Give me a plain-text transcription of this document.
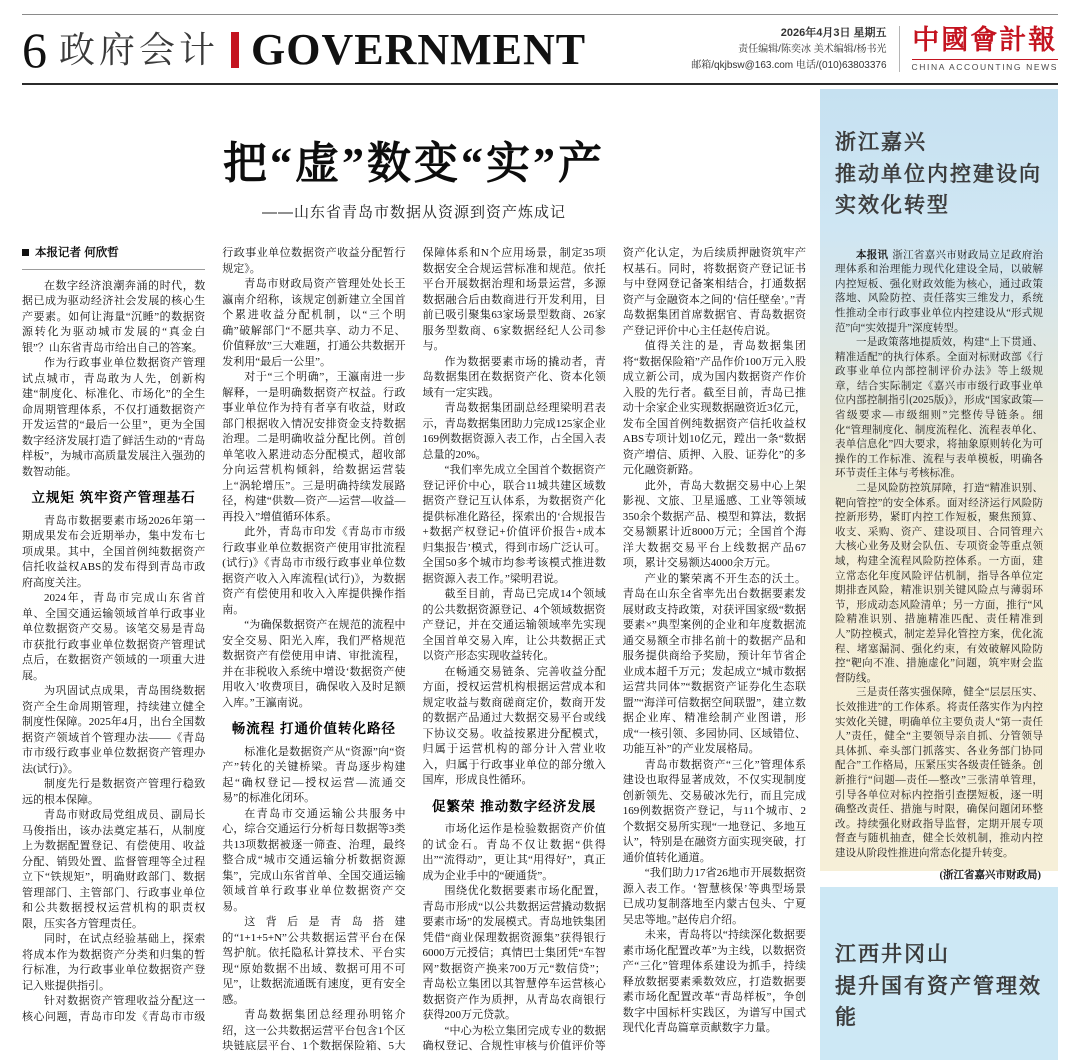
6 政府会计 GOVERNMENT	2026年4月3日 星期五
责任编辑/陈奕冰 美术编辑/杨书光
邮箱/qkjbsw@163.com 电话/(010)63803376
中國會計報
CHINA ACCOUNTING NEWS
把“虚”数变“实”产
——山东省青岛市数据从资源到资产炼成记
本报记者 何欣哲

在数字经济浪潮奔涌的时代，数据已成为驱动经济社会发展的核心生产要素。如何让海量“沉睡”的数据资源转化为驱动城市发展的“真金白银”？山东省青岛市给出自己的答案。

作为行政事业单位数据资产管理试点城市，青岛敢为人先，创新构建“制度化、标准化、市场化”的全生命周期管理体系，不仅打通数据资产开发运营的“最后一公里”，更为全国数字经济发展打造了鲜活生动的“青岛样板”，为城市高质量发展注入强劲的数智动能。

立规矩 筑牢资产管理基石

青岛市数据要素市场2026年第一期成果发布会近期举办，集中发布七项成果。其中，全国首例纯数据资产信托收益权ABS的发布得到青岛市政府高度关注。

2024年，青岛市完成山东省首单、全国交通运输领域首单行政事业单位数据资产交易。该笔交易是青岛市获批行政事业单位数据资产管理试点后，在数据资产领域的一项重大进展。

为巩固试点成果，青岛围绕数据资产全生命周期管理，持续建立健全制度性保障。2025年4月，出台全国数据资产领域首个管理办法——《青岛市市级行政事业单位数据资产管理办法(试行)》。

制度先行是数据资产管理行稳致远的根本保障。

青岛市财政局党组成员、副局长马俊指出，该办法奠定基石，从制度上为数据配置登记、有偿使用、收益分配、销毁处置、监督管理等全过程立下“铁规矩”，明确财政部门、数据管理部门、主管部门、行政事业单位和公共数据授权运营机构的职责权限，压实各方管理责任。

同时，在试点经验基础上，探索将成本作为数据资产分类和归集的暂行标准，为行政事业单位数据资产登记入账提供指引。

针对数据资产管理收益分配这一核心问题，青岛市印发《青岛市市级行政事业单位数据资产收益分配暂行规定》。

青岛市财政局资产管理处处长王瀛南介绍称，该规定创新建立全国首个累进收益分配机制，以“三个明确”破解部门“不愿共享、动力不足、价值释放”三大难题，打通公共数据开发利用“最后一公里”。

对于“三个明确”，王瀛南进一步解释，一是明确数据资产权益。行政事业单位作为持有者享有收益，财政部门根据收入情况安排资金支持数据治理。二是明确收益分配比例。首创单笔收入累进动态分配模式，超收部分向运营机构倾斜，给数据运营装上“涡轮增压”。三是明确持续发展路径，构建“供数—资产—运营—收益—再投入”增值循环体系。

此外，青岛市印发《青岛市市级行政事业单位数据资产使用审批流程(试行)》《青岛市市级行政事业单位数据资产收入入库流程(试行)》，为数据资产有偿使用和收入入库提供操作指南。

“为确保数据资产在规范的流程中安全交易、阳光入库，我们严格规范数据资产有偿使用申请、审批流程，并在非税收入系统中增设‘数据资产使用收入’收费项目，确保收入及时足额入库。”王瀛南说。

畅流程 打通价值转化路径

标准化是数据资产从“资源”向“资产”转化的关键桥梁。青岛逐步构建起“确权登记—授权运营—流通交易”的标准化闭环。

在青岛市交通运输公共服务中心，综合交通运行分析每日数据等3类共13项数据被逐一筛查、治理，最终整合成“城市交通运输分析数据资源集”，完成山东省首单、全国交通运输领域首单行政事业单位数据资产交易。

这背后是青岛搭建的“1+1+5+N”公共数据运营平台在保驾护航。依托隐私计算技术、平台实现“原始数据不出域、数据可用不可见”，让数据流通既有速度，更有安全感。

青岛数据集团总经理孙明铭介绍，这一公共数据运营平台包含1个区块链底层平台、1个数据保险箱、5大保障体系和N个应用场景，制定35项数据安全合规运营标准和规范。依托平台开展数据治理和场景运营，多源数据融合后由数商进行开发利用，目前已吸引聚集63家场景型数商、26家服务型数商、6家数据经纪人公司参与。

作为数据要素市场的撬动者，青岛数据集团在数据资产化、资本化领域有一定实践。

青岛数据集团副总经理梁明君表示，青岛数据集团助力完成125家企业169例数据资源入表工作，占全国入表总量的20%。

“我们率先成立全国首个数据资产登记评价中心，联合11城共建区域数据资产登记互认体系，为数据资产化提供标准化路径，探索出的‘合规报告+数据产权登记+价值评价报告+成本归集报告’模式，得到市场广泛认可。全国50多个城市均参考该模式推进数据资源入表工作。”梁明君说。

截至目前，青岛已完成14个领域的公共数据资源登记、4个领域数据资产登记，并在交通运输领域率先实现全国首单交易入库，让公共数据正式以资产形态实现收益转化。

在畅通交易链条、完善收益分配方面，授权运营机构根据运营成本和规定收益与数商磋商定价，数商开发的数据产品通过大数据交易平台或线下协议交易。收益按累进分配模式，归属于运营机构的部分计入营业收入，归属于行政事业单位的部分缴入国库，形成良性循环。

促繁荣 推动数字经济发展

市场化运作是检验数据资产价值的试金石。青岛不仅让数据“供得出”“流得动”，更让其“用得好”，真正成为企业手中的“硬通货”。

围绕优化数据要素市场化配置，青岛市形成“以公共数据运营撬动数据要素市场”的发展模式。青岛地铁集团凭借“商业保理数据资源集”获得银行6000万元授信；真情巴士集团凭“车智网”数据资产换来700万元“数信贷”；青岛松立集团以其智慧停车运营核心数据资产作为质押，从青岛农商银行获得200万元贷款。

“中心为松立集团完成专业的数据确权登记、合规性审核与价值评价等资产化认定，为后续质押融资筑牢产权基石。同时，将数据资产登记证书与中登网登记备案相结合，打通数据资产与金融资本之间的‘信任壁垒’。”青岛数据集团首席数据官、青岛数据资产登记评价中心主任赵传启说。

值得关注的是，青岛数据集团将“数据保险箱”产品作价100万元入股成立新公司，成为国内数据资产作价入股的先行者。截至目前，青岛已推动十余家企业实现数据融资近3亿元，发布全国首例纯数据资产信托收益权ABS专项计划10亿元，蹚出一条“数据资产增信、质押、入股、证券化”的多元化融资新路。

此外，青岛大数据交易中心上架影视、文旅、卫星遥感、工业等领域350余个数据产品、模型和算法，数据交易额累计近8000万元；全国首个海洋大数据交易平台上线数据产品67项，累计交易额达4000余万元。

产业的繁荣离不开生态的沃土。青岛在山东全省率先出台数据要素发展财政支持政策，对获评国家级“数据要素×”典型案例的企业和年度数据流通交易额全市排名前十的数据产品和服务提供商给予奖励，预计年节省企业成本超千万元；发起成立“城市数据运营共同体”“数据资产证券化生态联盟”“海洋可信数据空间联盟”，建立数据企业库、精准绘制产业图谱，形成“一核引领、多园协同、区域错位、功能互补”的产业发展格局。

青岛市数据资产“三化”管理体系建设也取得显著成效，不仅实现制度创新领先、交易破冰先行，而且完成169例数据资产登记，与11个城市、2个数据交易所实现“一地登记、多地互认”，特别是在融资方面实现突破，打通价值转化通道。

“我们助力17省26地市开展数据资源入表工作。‘智慧核保’等典型场景已成功复制落地至内蒙古包头、宁夏吴忠等地。”赵传启介绍。

未来，青岛将以“持续深化数据要素市场化配置改革”为主线，以数据资产“三化”管理体系建设为抓手，持续释放数据要素乘数效应，打造数据要素市场化配置改革“青岛样板”，争创数字中国标杆实践区，为谱写中国式现代化青岛篇章贡献数字力量。

浙江嘉兴
推动单位内控建设向实效化转型

本报讯 浙江省嘉兴市财政局立足政府治理体系和治理能力现代化建设全局，以破解内控短板、强化财政效能为核心，通过政策落地、风险防控、责任落实三维发力，系统性推动全市行政事业单位内控建设从“形式规范”向“实效提升”深度转型。

一是政策落地提质效，构建“上下贯通、精准适配”的执行体系。全面对标财政部《行政事业单位内部控制评价办法》等上级规章，结合实际制定《嘉兴市市级行政事业单位内部控制指引(2025版)》，形成“国家政策—省级要求—市级细则”完整传导链条。细化“管理制度化、制度流程化、流程表单化、表单信息化”四大要求，将抽象原则转化为可操作的工作标准、流程与表单模板，明确各环节责任主体与考核标准。

二是风险防控筑屏障，打造“精准识别、靶向管控”的安全体系。面对经济运行风险防控新形势，紧盯内控工作短板，聚焦预算、收支、采购、资产、建设项目、合同管理六大核心业务及财会队伍、专项资金等重点领域，构建全流程风险防控体系。一方面，建立常态化年度风险评估机制，指导各单位定期排查风险，精准识别关键风险点与薄弱环节，形成动态风险清单；另一方面，推行“风险精准识别、措施精准匹配、责任精准到人”防控模式，制定差异化管控方案，优化流程、堵塞漏洞、强化约束，有效破解风险防控“靶向不准、措施虚化”问题，筑牢财会监督防线。

三是责任落实强保障，健全“层层压实、长效推进”的工作体系。将责任落实作为内控实效化关键，明确单位主要负责人“第一责任人”责任，健全“主要领导亲自抓、分管领导具体抓、牵头部门抓落实、各业务部门协同配合”工作格局，压紧压实各级责任链条。创新推行“问题—责任—整改”三张清单管理，引导各单位对标内控指引查摆短板，逐一明确整改责任、措施与时限，确保问题闭环整改。持续强化财政指导监督，定期开展专项督查与随机抽查，健全长效机制，推动内控建设从阶段性推进向常态化提升转变。

(浙江省嘉兴市财政局)
江西井冈山
提升国有资产管理效能
